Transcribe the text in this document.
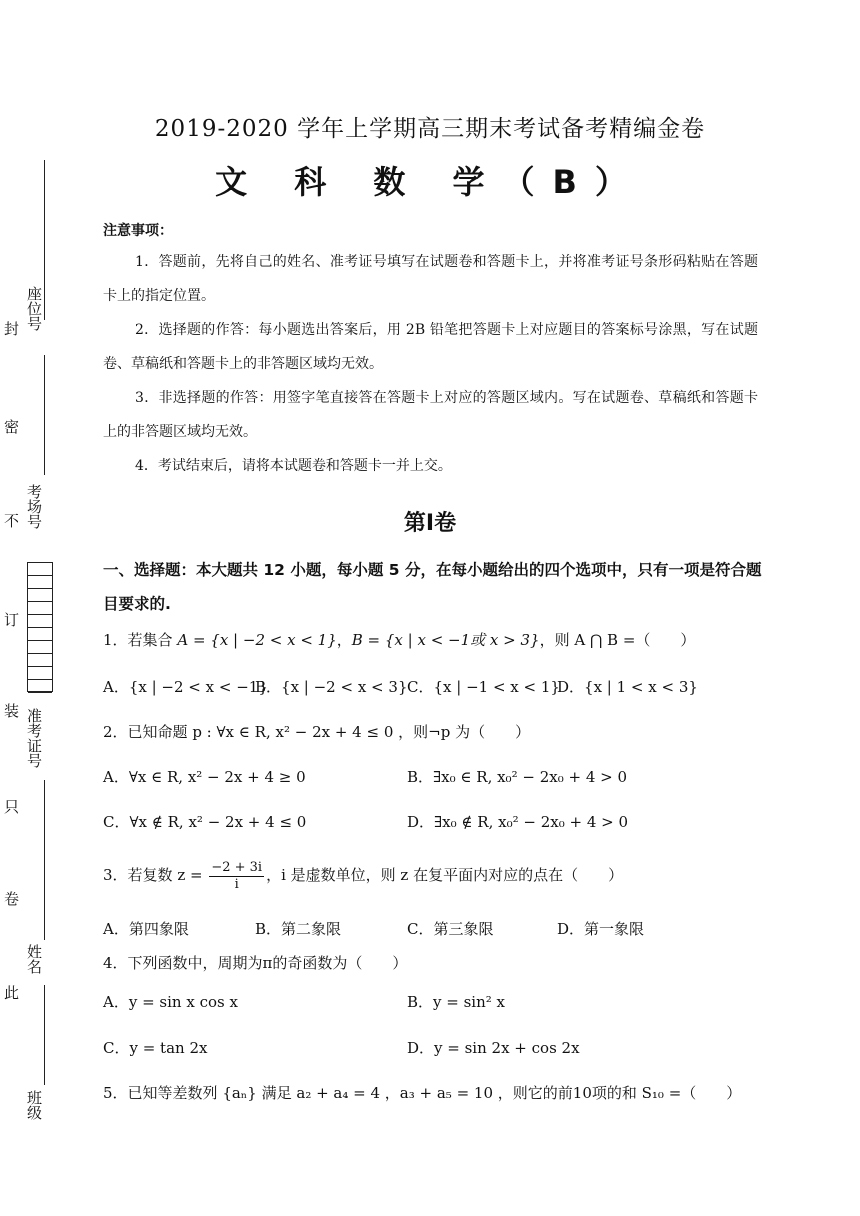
封
密
不
订
装
只
卷
此
座位号
考场号
准考证号
姓名
班级
2019-2020 学年上学期高三期末考试备考精编金卷
文 科 数 学（B）
注意事项：

1．答题前，先将自己的姓名、准考证号填写在试题卷和答题卡上，并将准考证号条形码粘贴在答题卡上的指定位置。

2．选择题的作答：每小题选出答案后，用 2B 铅笔把答题卡上对应题目的答案标号涂黑，写在试题卷、草稿纸和答题卡上的非答题区域均无效。

3．非选择题的作答：用签字笔直接答在答题卡上对应的答题区域内。写在试题卷、草稿纸和答题卡上的非答题区域均无效。

4．考试结束后，请将本试题卷和答题卡一并上交。

第Ⅰ卷
一、选择题：本大题共 12 小题，每小题 5 分，在每小题给出的四个选项中，只有一项是符合题目要求的.
1．若集合 A = {x | −2 < x < 1}，B = {x | x < −1或 x > 3}，则 A ⋂ B =（　　）
A．{x | −2 < x < −1}
B．{x | −2 < x < 3} C．{x | −1 < x < 1}
D．{x | 1 < x < 3}
2．已知命题 p : ∀x ∈ R, x² − 2x + 4 ≤ 0 ，则¬p 为（　　）
A．∀x ∈ R, x² − 2x + 4 ≥ 0	B．∃x₀ ∈ R, x₀² − 2x₀ + 4 > 0
C．∀x ∉ R, x² − 2x + 4 ≤ 0	D．∃x₀ ∉ R, x₀² − 2x₀ + 4 > 0
3．若复数 $z = \frac{-2 + 3i}{i}$ ，i 是虚数单位，则 z 在复平面内对应的点在（　　）
A．第四象限	B．第二象限	C．第三象限	D．第一象限
4．下列函数中，周期为π的奇函数为（　　）
A．y = sin x cos x	B．y = sin² x
C．y = tan 2x	D．y = sin 2x + cos 2x
5．已知等差数列 {aₙ} 满足 a₂ + a₄ = 4 ，a₃ + a₅ = 10 ，则它的前10项的和 S₁₀ =（　　）
